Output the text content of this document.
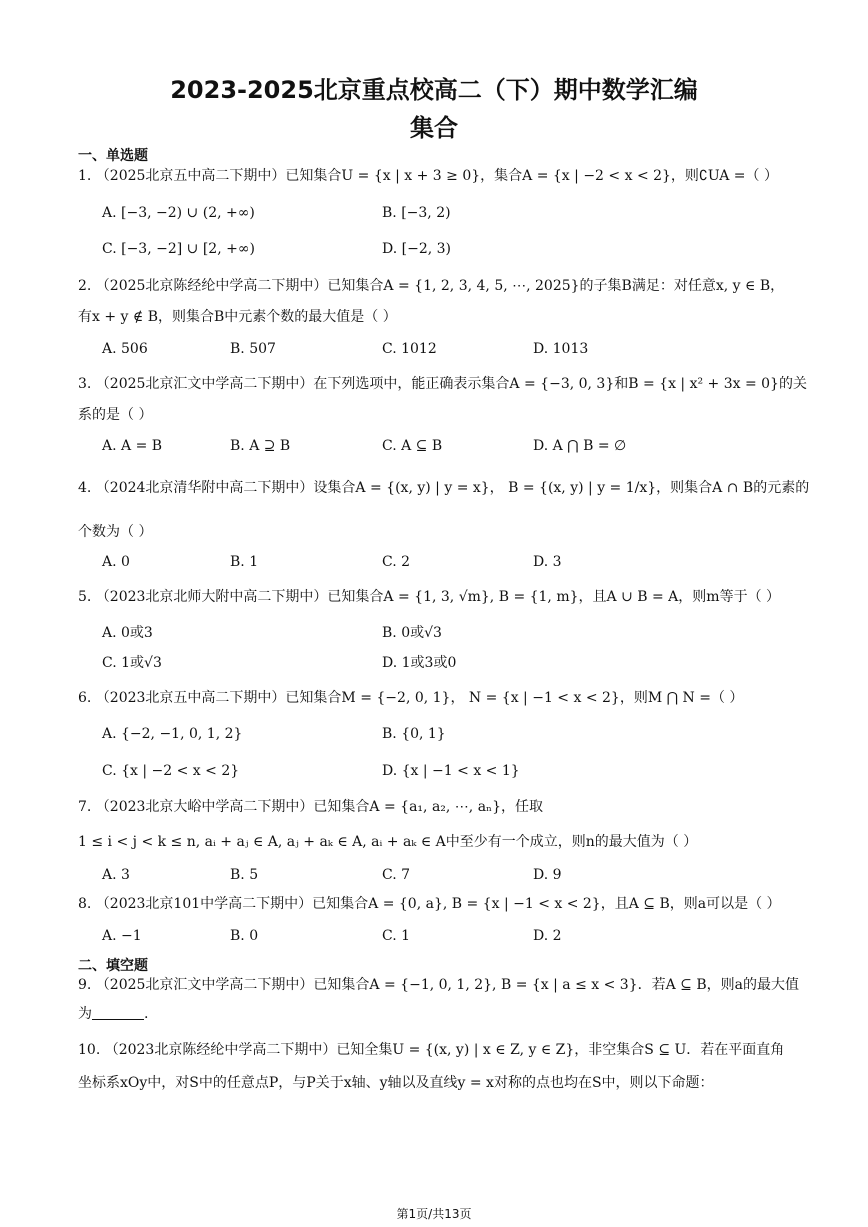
2023-2025北京重点校高二（下）期中数学汇编
集合
一、单选题
1. （2025北京五中高二下期中）已知集合U = {x | x + 3 ≥ 0}，集合A = {x | −2 < x < 2}，则∁UA =（ ）
A. [−3, −2) ∪ (2, +∞)	B. [−3, 2)
C. [−3, −2] ∪ [2, +∞)	D. [−2, 3)
2. （2025北京陈经纶中学高二下期中）已知集合A = {1, 2, 3, 4, 5, ⋯, 2025}的子集B满足：对任意x, y ∈ B，
有x + y ∉ B，则集合B中元素个数的最大值是（ ）
A. 506	B. 507	C. 1012	D. 1013
3. （2025北京汇文中学高二下期中）在下列选项中，能正确表示集合A = {−3, 0, 3}和B = {x | x² + 3x = 0}的关
系的是（ ）
A. A = B	B. A ⊇ B	C. A ⊆ B	D. A ⋂ B = ∅
4. （2024北京清华附中高二下期中）设集合A = {(x, y) | y = x}， B = {(x, y) | y = 1/x}，则集合A ∩ B的元素的
个数为（ ）
A. 0	B. 1	C. 2	D. 3
5. （2023北京北师大附中高二下期中）已知集合A = {1, 3, √m}, B = {1, m}，且A ∪ B = A，则m等于（ ）
A. 0或3	B. 0或√3
C. 1或√3	D. 1或3或0
6. （2023北京五中高二下期中）已知集合M = {−2, 0, 1}， N = {x | −1 < x < 2}，则M ⋂ N =（ ）
A. {−2, −1, 0, 1, 2}	B. {0, 1}
C. {x | −2 < x < 2}	D. {x | −1 < x < 1}
7. （2023北京大峪中学高二下期中）已知集合A = {a₁, a₂, ⋯, aₙ}，任取
1 ≤ i < j < k ≤ n, aᵢ + aⱼ ∈ A, aⱼ + aₖ ∈ A, aᵢ + aₖ ∈ A中至少有一个成立，则n的最大值为（ ）
A. 3	B. 5	C. 7	D. 9
8. （2023北京101中学高二下期中）已知集合A = {0, a}, B = {x | −1 < x < 2}，且A ⊆ B，则a可以是（ ）
A. −1	B. 0	C. 1	D. 2
二、填空题
9. （2025北京汇文中学高二下期中）已知集合A = {−1, 0, 1, 2}, B = {x | a ≤ x < 3}．若A ⊆ B，则a的最大值
为	.
10. （2023北京陈经纶中学高二下期中）已知全集U = {(x, y) | x ∈ Z, y ∈ Z}，非空集合S ⊆ U．若在平面直角
坐标系xOy中，对S中的任意点P，与P关于x轴、y轴以及直线y = x对称的点也均在S中，则以下命题：
第1页/共13页
